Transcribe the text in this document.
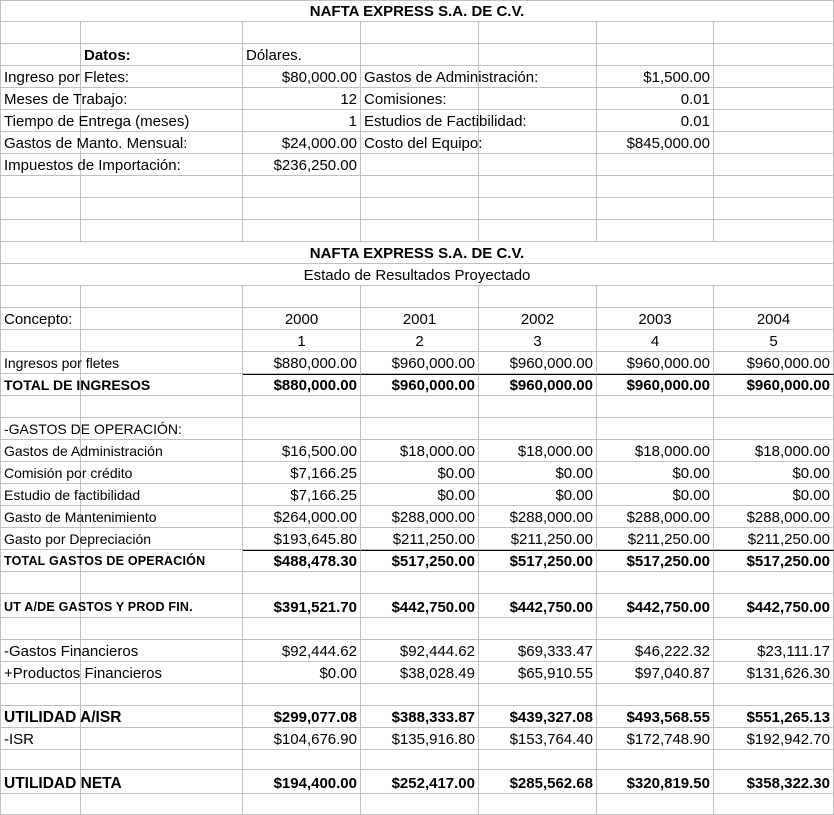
NAFTA EXPRESS S.A. DE C.V.
Datos:	Dólares.
Ingreso por Fletes:	$80,000.00 Gastos de Administración:	$1,500.00
Meses de Trabajo:	12 Comisiones:	0.01
Tiempo de Entrega (meses)	1 Estudios de Factibilidad:	0.01
Gastos de Manto. Mensual:	$24,000.00 Costo del Equipo:	$845,000.00
Impuestos de Importación:	$236,250.00
NAFTA EXPRESS S.A. DE C.V.
Estado de Resultados Proyectado
Concepto:	2000	2001	2002	2003	2004
1	2	3	4	5
Ingresos por fletes	$880,000.00	$960,000.00	$960,000.00	$960,000.00	$960,000.00
TOTAL DE INGRESOS	$880,000.00	$960,000.00	$960,000.00	$960,000.00	$960,000.00
-GASTOS DE OPERACIÓN:
Gastos de Administración	$16,500.00	$18,000.00	$18,000.00	$18,000.00	$18,000.00
Comisión por crédito	$7,166.25	$0.00	$0.00	$0.00	$0.00
Estudio de factibilidad	$7,166.25	$0.00	$0.00	$0.00	$0.00
Gasto de Mantenimiento	$264,000.00	$288,000.00	$288,000.00	$288,000.00	$288,000.00
Gasto por Depreciación	$193,645.80	$211,250.00	$211,250.00	$211,250.00	$211,250.00
TOTAL GASTOS DE OPERACIÓN	$488,478.30	$517,250.00	$517,250.00	$517,250.00	$517,250.00
UT A/DE GASTOS Y PROD FIN.	$391,521.70	$442,750.00	$442,750.00	$442,750.00	$442,750.00
-Gastos Financieros	$92,444.62	$92,444.62	$69,333.47	$46,222.32	$23,111.17
+Productos Financieros	$0.00	$38,028.49	$65,910.55	$97,040.87	$131,626.30
UTILIDAD A/ISR	$299,077.08	$388,333.87	$439,327.08	$493,568.55	$551,265.13
-ISR	$104,676.90	$135,916.80	$153,764.40	$172,748.90	$192,942.70
UTILIDAD NETA	$194,400.00	$252,417.00	$285,562.68	$320,819.50	$358,322.30
